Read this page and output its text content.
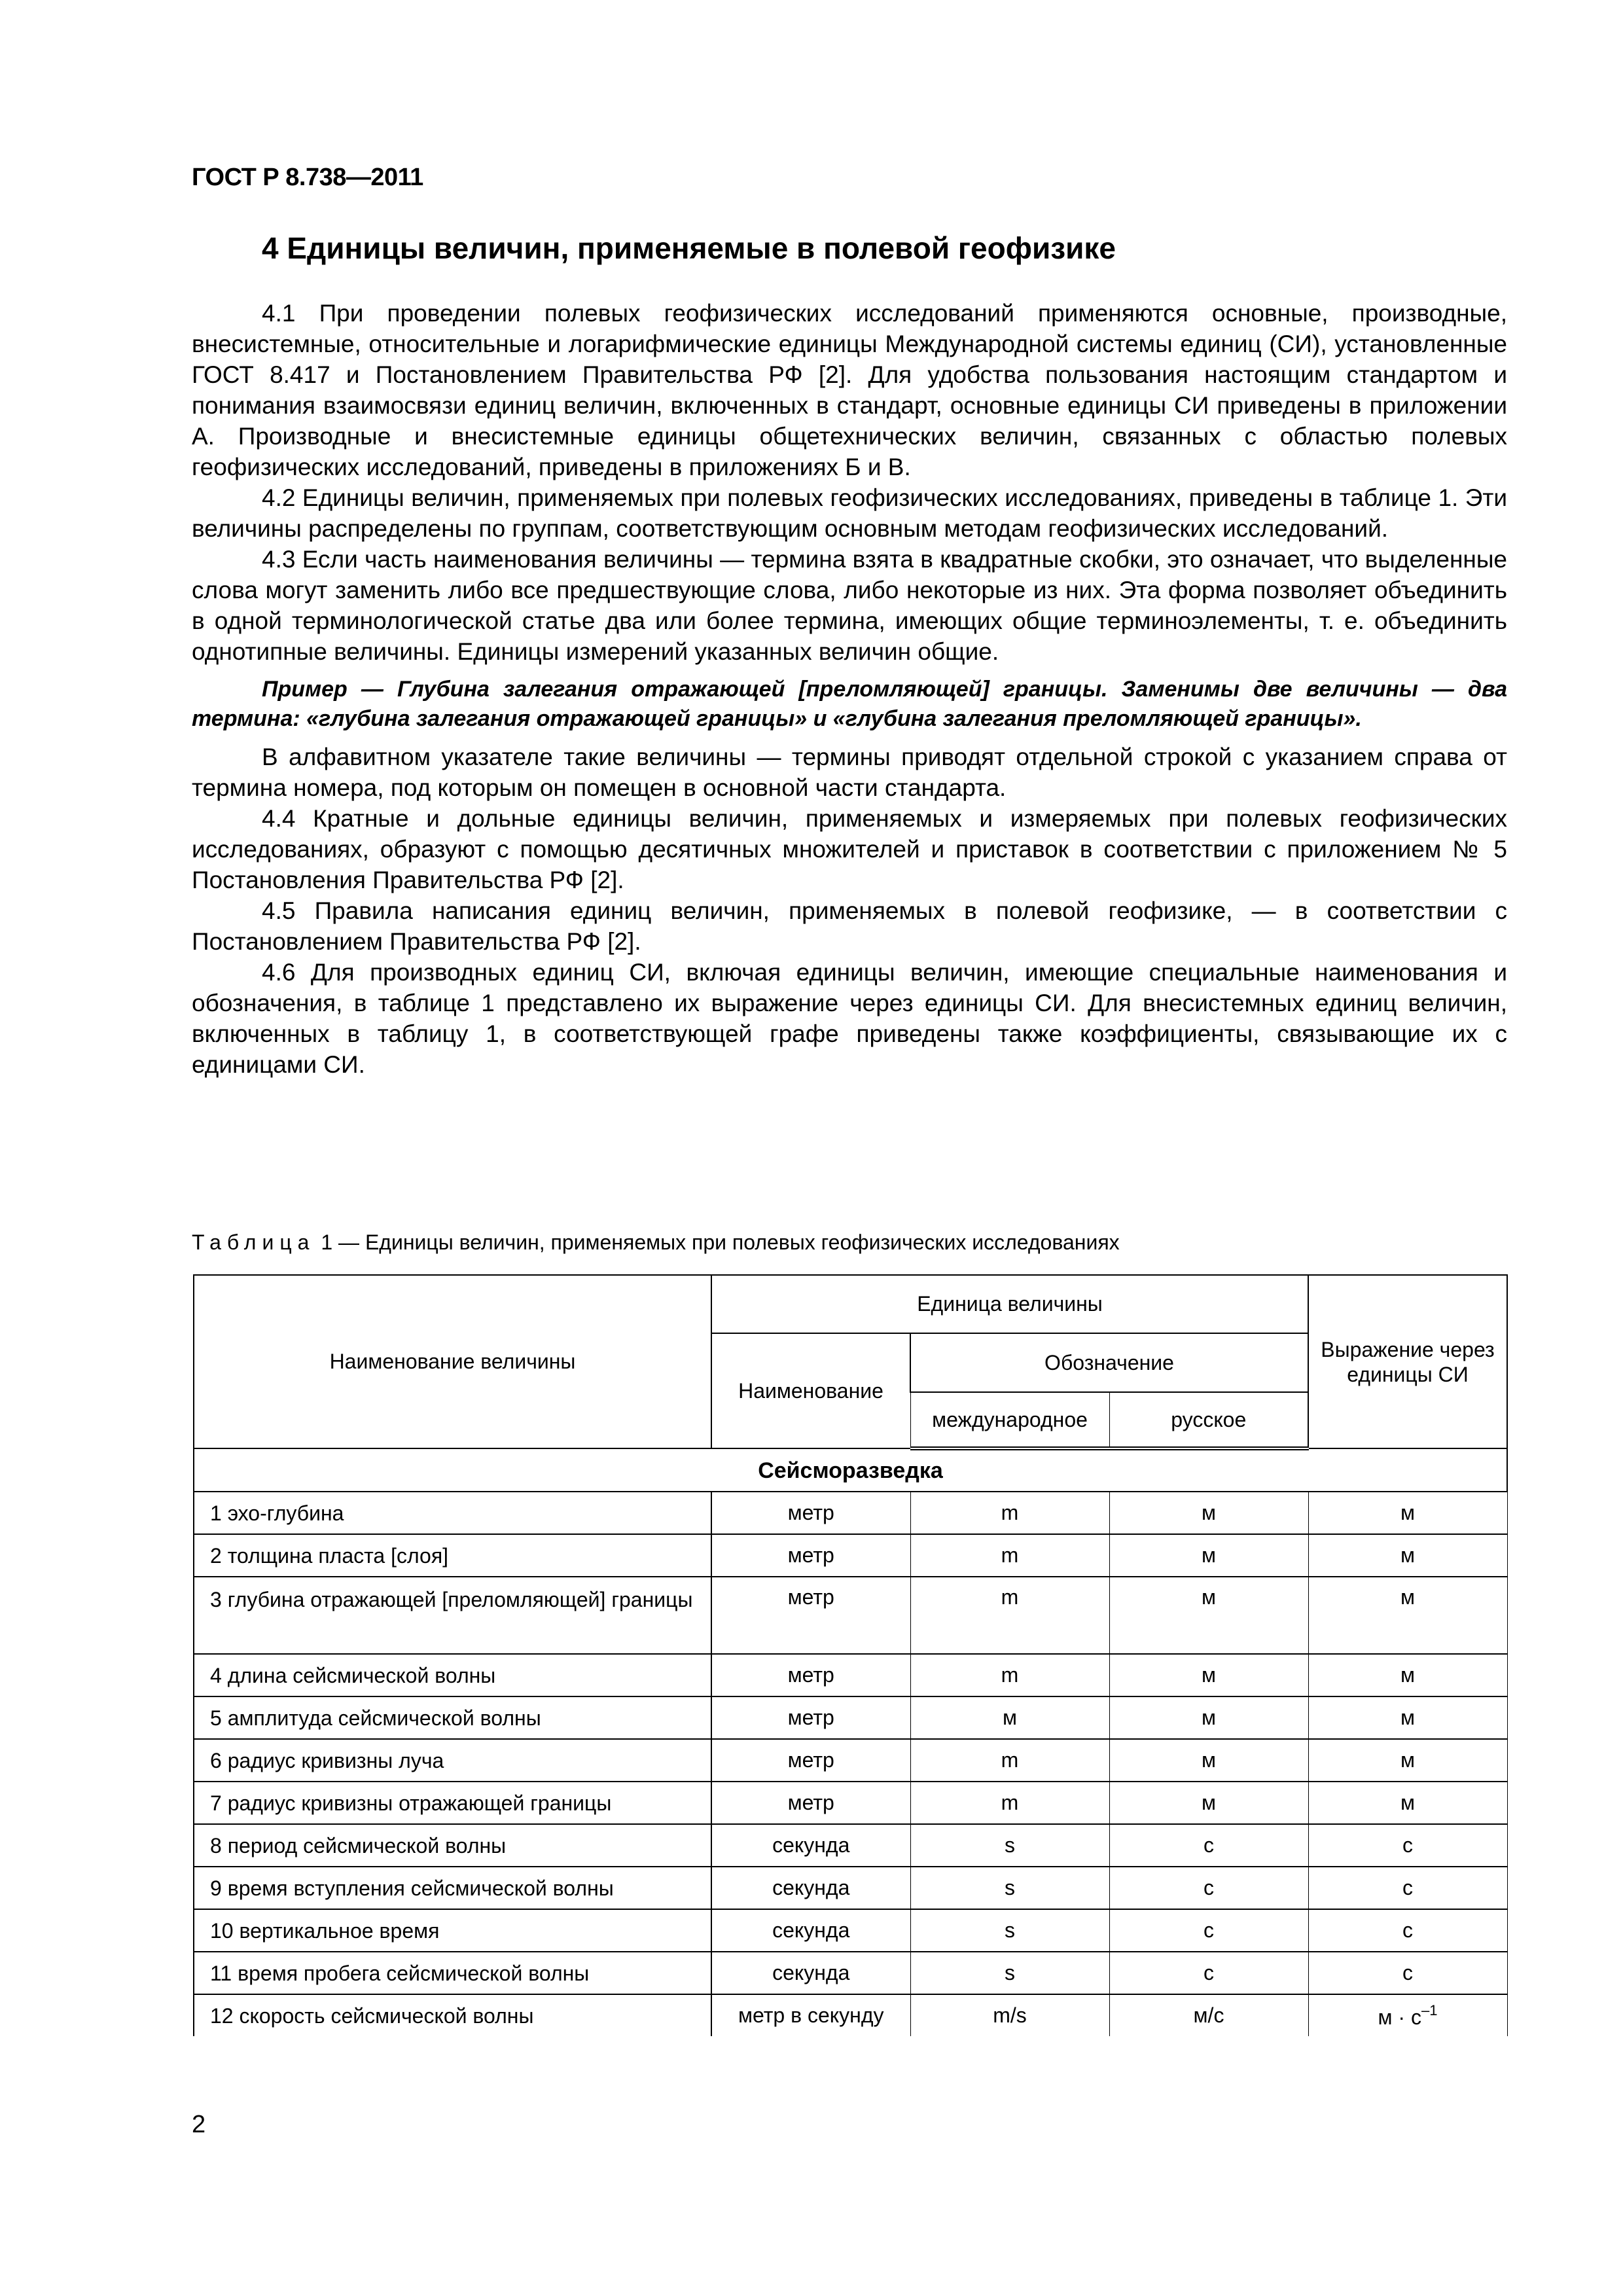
ГОСТ Р 8.738—2011
4 Единицы величин, применяемые в полевой геофизике

4.1 При проведении полевых геофизических исследований применяются основные, производные, внесистемные, относительные и логарифмические единицы Международной системы единиц (СИ), установленные ГОСТ 8.417 и Постановлением Правительства РФ [2]. Для удобства пользования настоящим стандартом и понимания взаимосвязи единиц величин, включенных в стандарт, основные единицы СИ приведены в приложении А. Производные и внесистемные единицы общетехнических величин, связанных с областью полевых геофизических исследований, приведены в приложениях Б и В.

4.2 Единицы величин, применяемых при полевых геофизических исследованиях, приведены в таблице 1. Эти величины распределены по группам, соответствующим основным методам геофизических исследований.

4.3 Если часть наименования величины — термина взята в квадратные скобки, это означает, что выделенные слова могут заменить либо все предшествующие слова, либо некоторые из них. Эта форма позволяет объединить в одной терминологической статье два или более термина, имеющих общие терминоэлементы, т. е. объединить однотипные величины. Единицы измерений указанных величин общие.

Пример — Глубина залегания отражающей [преломляющей] границы. Заменимы две величины — два термина: «глубина залегания отражающей границы» и «глубина залегания преломляющей границы».

В алфавитном указателе такие величины — термины приводят отдельной строкой с указанием справа от термина номера, под которым он помещен в основной части стандарта.

4.4 Кратные и дольные единицы величин, применяемых и измеряемых при полевых геофизических исследованиях, образуют с помощью десятичных множителей и приставок в соответствии с приложением № 5 Постановления Правительства РФ [2].

4.5 Правила написания единиц величин, применяемых в полевой геофизике, — в соответствии с Постановлением Правительства РФ [2].

4.6 Для производных единиц СИ, включая единицы величин, имеющие специальные наименования и обозначения, в таблице 1 представлено их выражение через единицы СИ. Для внесистемных единиц величин, включенных в таблицу 1, в соответствующей графе приведены также коэффициенты, связывающие их с единицами СИ.

Таблица 1 — Единицы величин, применяемых при полевых геофизических исследованиях
Наименование величины	Единица величины			Выражение через единицы СИ
	Наименование	Обозначение		
		международное	русское	
Сейсморазведка				
1 эхо-глубина	метр	m	м	м
2 толщина пласта [слоя]	метр	m	м	м
3 глубина отражающей [преломляющей] границы	метр	m	м	м
4 длина сейсмической волны	метр	m	м	м
5 амплитуда сейсмической волны	метр	м	м	м
6 радиус кривизны луча	метр	m	м	м
7 радиус кривизны отражающей границы	метр	m	м	м
8 период сейсмической волны	секунда	s	с	с
9 время вступления сейсмической волны	секунда	s	с	с
10 вертикальное время	секунда	s	с	с
11 время пробега сейсмической волны	секунда	s	с	с
12 скорость сейсмической волны	метр в секунду	m/s	м/с	$м \cdot с^{-1}$
2
